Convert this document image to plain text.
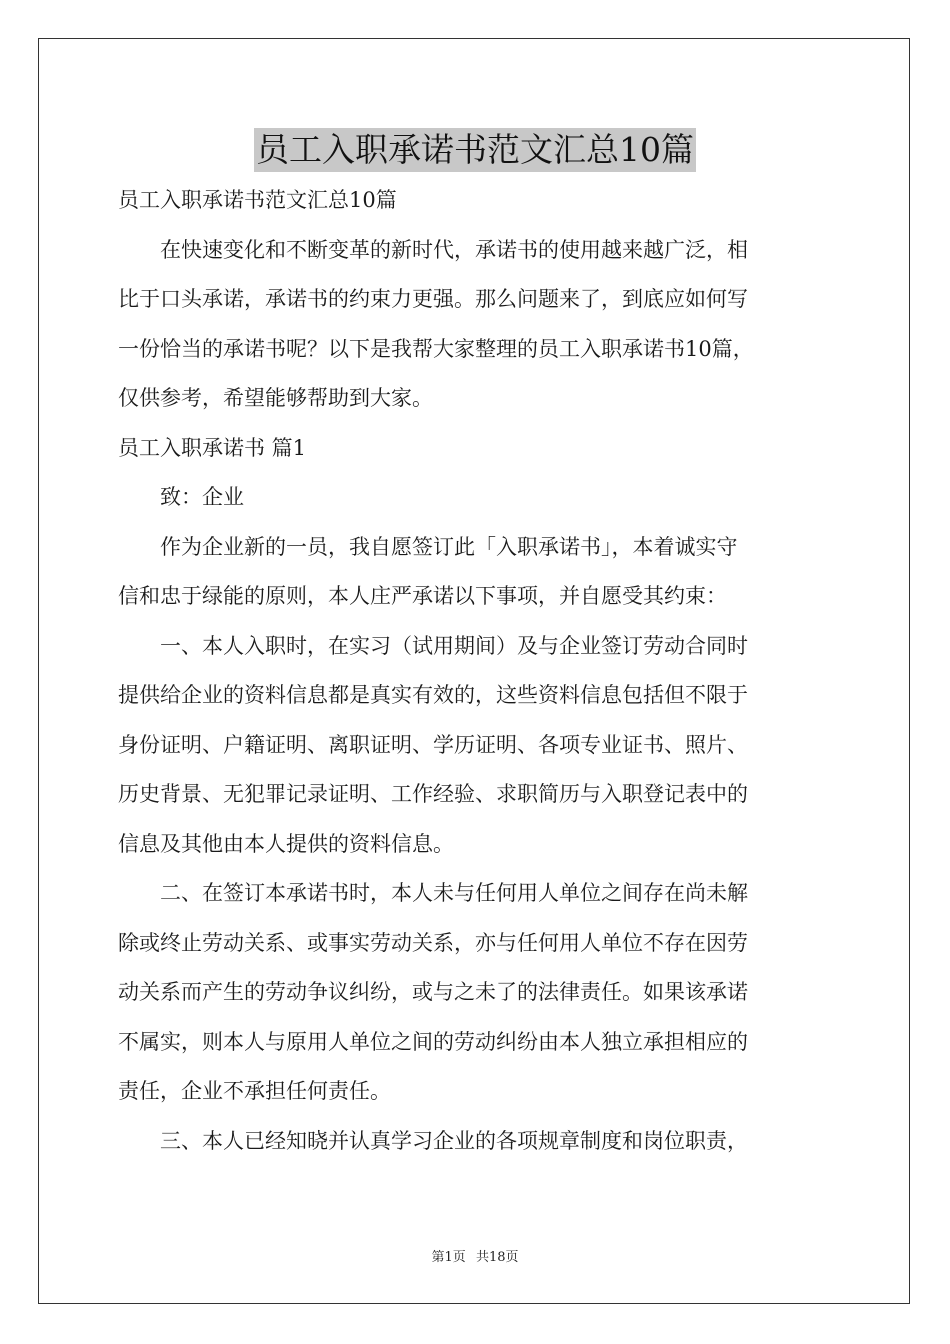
员工入职承诺书范文汇总10篇

员工入职承诺书范文汇总10篇

　　在快速变化和不断变革的新时代，承诺书的使用越来越广泛，相

比于口头承诺，承诺书的约束力更强。那么问题来了，到底应如何写

一份恰当的承诺书呢？以下是我帮大家整理的员工入职承诺书10篇，

仅供参考，希望能够帮助到大家。

员工入职承诺书 篇1

　　致：企业

　　作为企业新的一员，我自愿签订此「入职承诺书」，本着诚实守

信和忠于绿能的原则，本人庄严承诺以下事项，并自愿受其约束：

　　一、本人入职时，在实习（试用期间）及与企业签订劳动合同时

提供给企业的资料信息都是真实有效的，这些资料信息包括但不限于

身份证明、户籍证明、离职证明、学历证明、各项专业证书、照片、

历史背景、无犯罪记录证明、工作经验、求职简历与入职登记表中的

信息及其他由本人提供的资料信息。

　　二、在签订本承诺书时，本人未与任何用人单位之间存在尚未解

除或终止劳动关系、或事实劳动关系，亦与任何用人单位不存在因劳

动关系而产生的劳动争议纠纷，或与之未了的法律责任。如果该承诺

不属实，则本人与原用人单位之间的劳动纠纷由本人独立承担相应的

责任，企业不承担任何责任。

　　三、本人已经知晓并认真学习企业的各项规章制度和岗位职责，

第1页 共18页
